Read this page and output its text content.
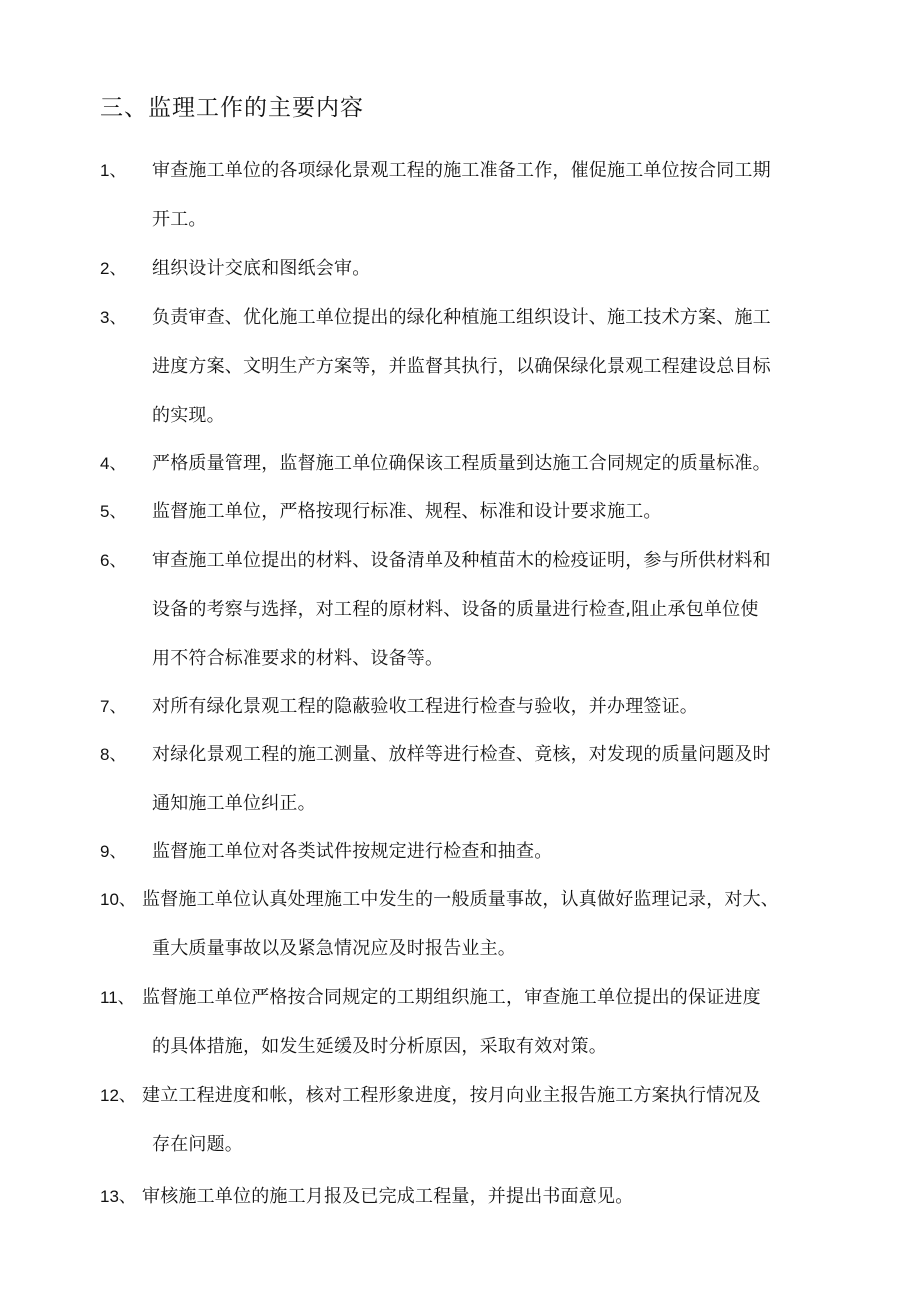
三、监理工作的主要内容
1、 审查施工单位的各项绿化景观工程的施工准备工作，催促施工单位按合同工期
开工。
2、 组织设计交底和图纸会审。
3、 负责审查、优化施工单位提出的绿化种植施工组织设计、施工技术方案、施工
进度方案、文明生产方案等，并监督其执行，以确保绿化景观工程建设总目标
的实现。
4、 严格质量管理，监督施工单位确保该工程质量到达施工合同规定的质量标准。
5、 监督施工单位，严格按现行标准、规程、标准和设计要求施工。
6、 审查施工单位提出的材料、设备清单及种植苗木的检疫证明，参与所供材料和
设备的考察与选择，对工程的原材料、设备的质量进行检查,阻止承包单位使
用不符合标准要求的材料、设备等。
7、 对所有绿化景观工程的隐蔽验收工程进行检查与验收，并办理签证。
8、 对绿化景观工程的施工测量、放样等进行检查、竟核，对发现的质量问题及时
通知施工单位纠正。
9、 监督施工单位对各类试件按规定进行检查和抽查。
10、 监督施工单位认真处理施工中发生的一般质量事故，认真做好监理记录，对大、
重大质量事故以及紧急情况应及时报告业主。
11、 监督施工单位严格按合同规定的工期组织施工，审查施工单位提出的保证进度
的具体措施，如发生延缓及时分析原因，采取有效对策。
12、 建立工程进度和帐，核对工程形象进度，按月向业主报告施工方案执行情况及
存在问题。
13、 审核施工单位的施工月报及已完成工程量，并提出书面意见。
